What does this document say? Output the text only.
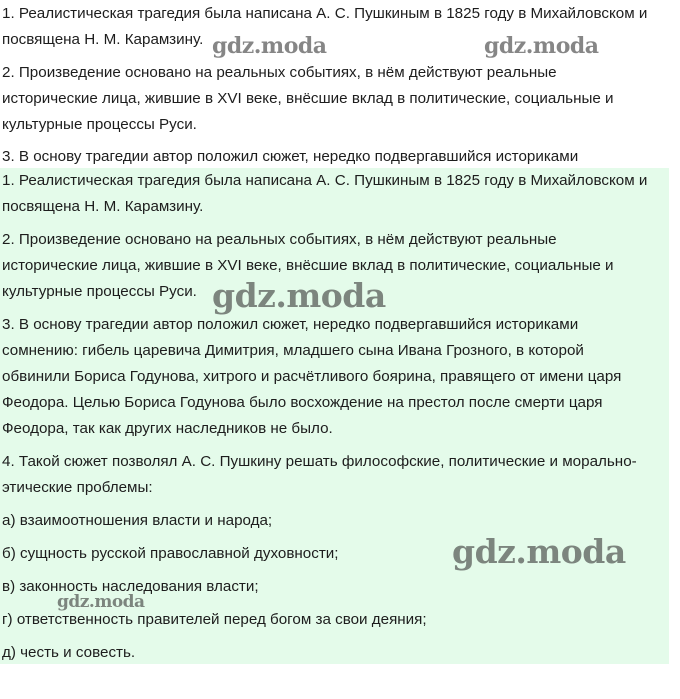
1. Реалистическая трагедия была написана А. С. Пушкиным в 1825 году в Михайловском и
посвящена Н. М. Карамзину.
2. Произведение основано на реальных событиях, в нём действуют реальные
исторические лица, жившие в XVI веке, внёсшие вклад в политические, социальные и
культурные процессы Руси.
3. В основу трагедии автор положил сюжет, нередко подвергавшийся историками
1. Реалистическая трагедия была написана А. С. Пушкиным в 1825 году в Михайловском и
посвящена Н. М. Карамзину.
2. Произведение основано на реальных событиях, в нём действуют реальные
исторические лица, жившие в XVI веке, внёсшие вклад в политические, социальные и
культурные процессы Руси.
3. В основу трагедии автор положил сюжет, нередко подвергавшийся историками
сомнению: гибель царевича Димитрия, младшего сына Ивана Грозного, в которой
обвинили Бориса Годунова, хитрого и расчётливого боярина, правящего от имени царя
Феодора. Целью Бориса Годунова было восхождение на престол после смерти царя
Феодора, так как других наследников не было.
4. Такой сюжет позволял А. С. Пушкину решать философские, политические и морально-
этические проблемы:
а) взаимоотношения власти и народа;
б) сущность русской православной духовности;
в) законность наследования власти;
г) ответственность правителей перед богом за свои деяния;
д) честь и совесть.
gdz.moda	gdz.moda
gdz.moda
gdz.moda
gdz.moda
